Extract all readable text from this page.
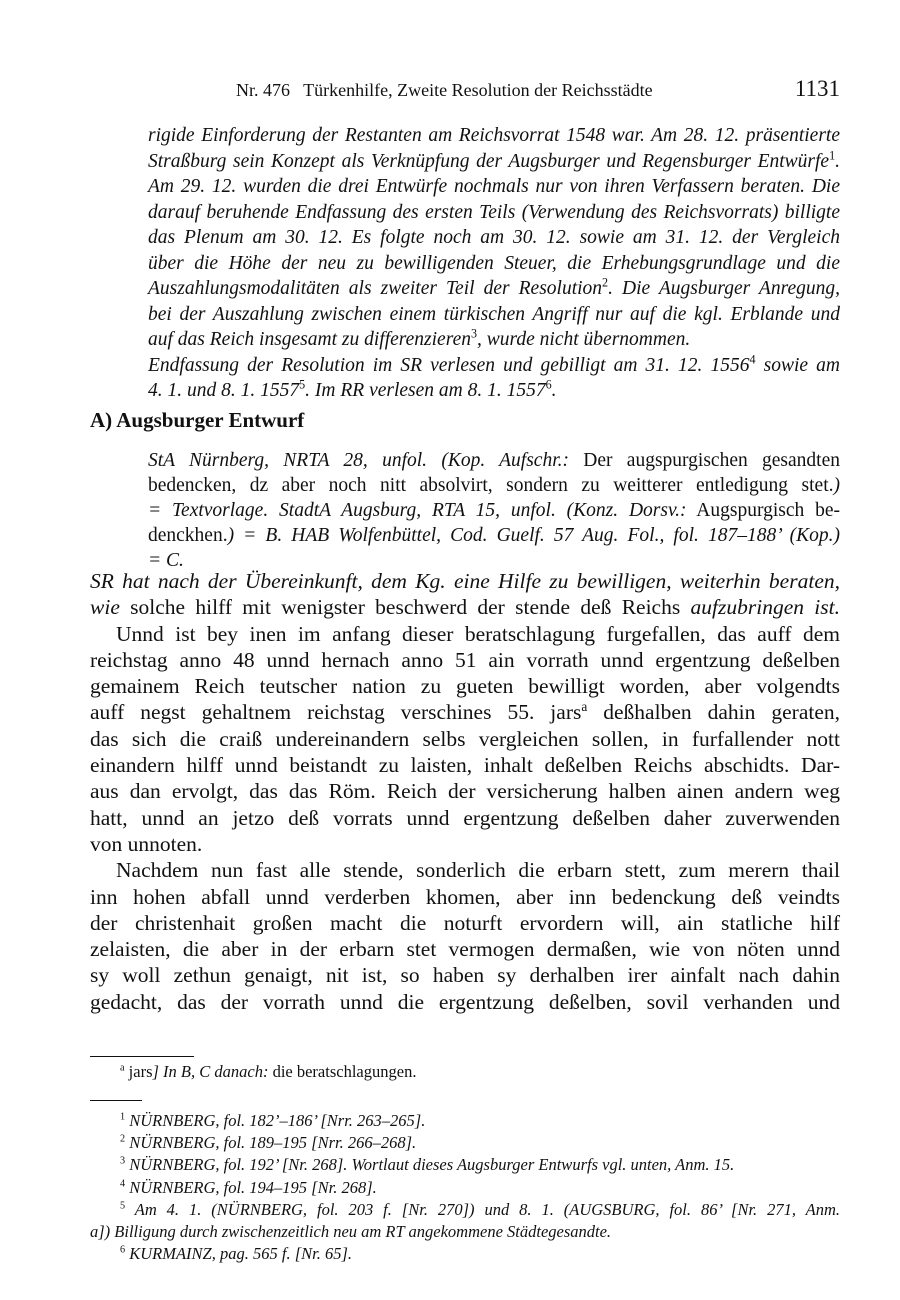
Nr. 476   Türkenhilfe, Zweite Resolution der Reichsstädte	1131
rigide Einforderung der Restanten am Reichsvorrat 1548 war. Am 28. 12. präsentierte
Straßburg sein Konzept als Verknüpfung der Augsburger und Regensburger Entwürfe$^1$.
Am 29. 12. wurden die drei Entwürfe nochmals nur von ihren Verfassern beraten. Die
darauf beruhende Endfassung des ersten Teils (Verwendung des Reichsvorrats) billigte
das Plenum am 30. 12. Es folgte noch am 30. 12. sowie am 31. 12. der Vergleich
über die Höhe der neu zu bewilligenden Steuer, die Erhebungsgrundlage und die
Auszahlungsmodalitäten als zweiter Teil der Resolution$^2$. Die Augsburger Anregung,
bei der Auszahlung zwischen einem türkischen Angriff nur auf die kgl. Erblande und
auf das Reich insgesamt zu differenzieren$^3$, wurde nicht übernommen.
Endfassung der Resolution im SR verlesen und gebilligt am 31. 12. 1556$^4$ sowie am
4. 1. und 8. 1. 1557$^5$. Im RR verlesen am 8. 1. 1557$^6$.
A) Augsburger Entwurf
StA Nürnberg, NRTA 28, unfol. (Kop. Aufschr.: Der augspurgischen gesandten
bedencken, dz aber noch nitt absolvirt, sondern zu weitterer entledigung stet.)
= Textvorlage. StadtA Augsburg, RTA 15, unfol. (Konz. Dorsv.: Augspurgisch be-
denckhen.) = B. HAB Wolfenbüttel, Cod. Guelf. 57 Aug. Fol., fol. 187–188’ (Kop.)
= C.
SR hat nach der Übereinkunft, dem Kg. eine Hilfe zu bewilligen, weiterhin beraten,
wie solche hilff mit wenigster beschwerd der stende deß Reichs aufzubringen ist.
Unnd ist bey inen im anfang dieser beratschlagung furgefallen, das auff dem
reichstag anno 48 unnd hernach anno 51 ain vorrath unnd ergentzung deßelben
gemainem Reich teutscher nation zu gueten bewilligt worden, aber volgendts
auff negst gehaltnem reichstag verschines 55. jars$^a$ deßhalben dahin geraten,
das sich die craiß undereinandern selbs vergleichen sollen, in furfallender nott
einandern hilff unnd beistandt zu laisten, inhalt deßelben Reichs abschidts. Dar-
aus dan ervolgt, das das Röm. Reich der versicherung halben ainen andern weg
hatt, unnd an jetzo deß vorrats unnd ergentzung deßelben daher zuverwenden
von unnoten.
Nachdem nun fast alle stende, sonderlich die erbarn stett, zum merern thail
inn hohen abfall unnd verderben khomen, aber inn bedenckung deß veindts
der christenhait großen macht die noturft ervordern will, ain statliche hilf
zelaisten, die aber in der erbarn stet vermogen dermaßen, wie von nöten unnd
sy woll zethun genaigt, nit ist, so haben sy derhalben irer ainfalt nach dahin
gedacht, das der vorrath unnd die ergentzung deßelben, sovil verhanden und
$^a$ jars] In B, C danach: die beratschlagungen.
$^1$ NÜRNBERG, fol. 182’–186’ [Nrr. 263–265].
$^2$ NÜRNBERG, fol. 189–195 [Nrr. 266–268].
$^3$ NÜRNBERG, fol. 192’ [Nr. 268]. Wortlaut dieses Augsburger Entwurfs vgl. unten, Anm. 15.
$^4$ NÜRNBERG, fol. 194–195 [Nr. 268].
$^5$ Am 4. 1. (NÜRNBERG, fol. 203 f. [Nr. 270]) und 8. 1. (AUGSBURG, fol. 86’ [Nr. 271, Anm.
a]) Billigung durch zwischenzeitlich neu am RT angekommene Städtegesandte.
$^6$ KURMAINZ, pag. 565 f. [Nr. 65].
